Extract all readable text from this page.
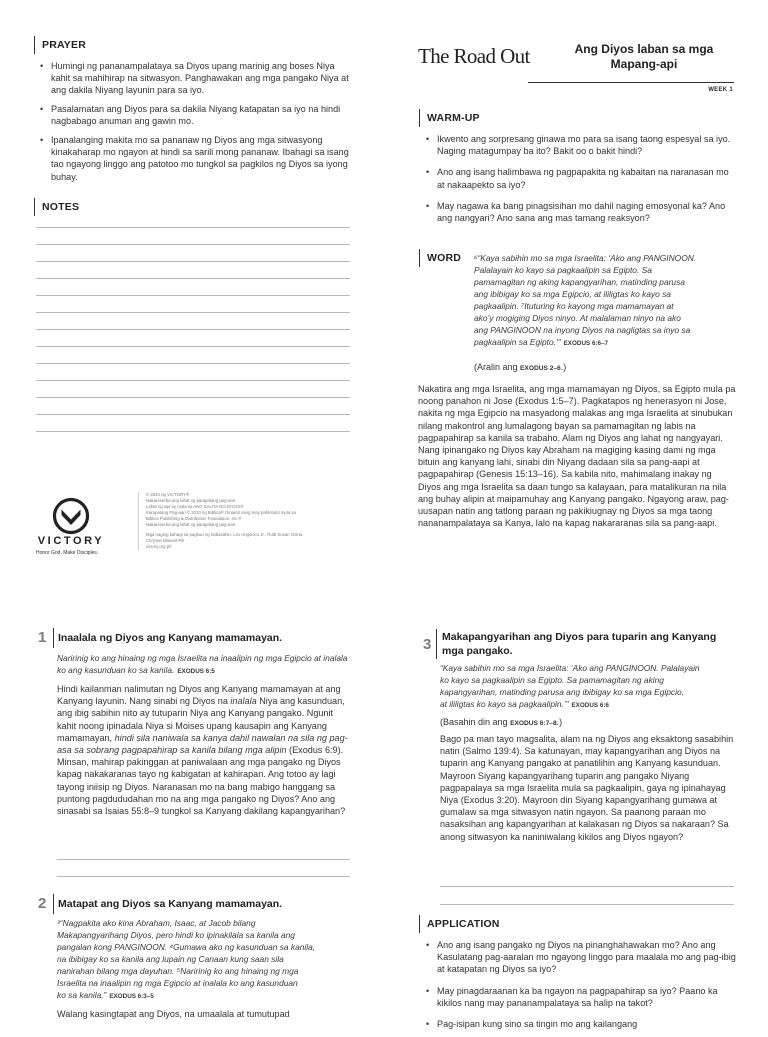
PRAYER
• Humingi ng pananampalataya sa Diyos upang marinig ang boses Niya kahit sa mahihirap na sitwasyon. Panghawakan ang mga pangako Niya at ang dakila Niyang layunin para sa iyo.
• Pasalamatan ang Diyos para sa dakila Niyang katapatan sa iyo na hindi nagbabago anuman ang gawin mo.
• Ipanalanging makita mo sa pananaw ng Diyos ang mga sitwasyong kinakaharap mo ngayon at hindi sa sarili mong pananaw. Ibahagi sa isang tao ngayong linggo ang patotoo mo tungkol sa pagkilos ng Diyos sa iyong buhay.
NOTES
VICTORY
Honor God. Make Disciples.
© 2024 ng VICTORY®
Nakareserba ang lahat ng karapatang pag-aari.
Lahat ng sipi ay mula sa ANG SALITA NG DIYOS®
Karapatang Pag-aari © 2010 ng Biblica® Ginamit nang may pahintulot mula sa
Biblica Publishing & Distribution Foundation, Inc.®
Nakareserba ang lahat ng karapatang pag-aari.
Mga naging bahagi sa pagbuo ng babasahin: Leo Angsioco Jr., Ruth Susan Ocina,
Chrysse Manuel-Pili
victory.org.ph
The Road Out	Ang Diyos laban sa mga Mapang-api
WEEK 1
WARM-UP
• Ikwento ang sorpresang ginawa mo para sa isang taong espesyal sa iyo. Naging matagumpay ba ito? Bakit oo o bakit hindi?
• Ano ang isang halimbawa ng pagpapakita ng kabaitan na naranasan mo at nakaapekto sa iyo?
• May nagawa ka bang pinagsisihan mo dahil naging emosyonal ka? Ano ang nangyari? Ano sana ang mas tamang reaksyon?
WORD ⁶“Kaya sabihin mo sa mga Israelita: ‘Ako ang PANGINOON.
Palalayain ko kayo sa pagkaalipin sa Egipto. Sa
pamamagitan ng aking kapangyarihan, matinding parusa
ang ibibigay ko sa mga Egipcio, at ililigtas ko kayo sa
pagkaalipin. ⁷Ituturing ko kayong mga mamamayan at
ako’y mogiging Diyos ninyo. At malalaman ninyo na ako
ang PANGINOON na inyong Diyos na nagligtas sa inyo sa
pagkaalipin sa Egipto.’” EXODUS 6:6–7
(Aralin ang EXODUS 2–6.)
Nakatira ang mga Israelita, ang mga mamamayan ng Diyos, sa Egipto mula pa noong panahon ni Jose (Exodus 1:5–7). Pagkatapos ng henerasyon ni Jose, nakita ng mga Egipcio na masyadong malakas ang mga Israelita at sinubukan nilang makontrol ang lumalagong bayan sa pamamagitan ng labis na pagpapahirap sa kanila sa trabaho. Alam ng Diyos ang lahat ng nangyayari. Nang ipinangako ng Diyos kay Abraham na magiging kasing dami ng mga bituin ang kanyang lahi, sinabi din Niyang dadaan sila sa pang-aapi at pagpapahirap (Genesis 15:13–16). Sa kabila nito, mahimalang inakay ng Diyos ang mga Israelita sa daan tungo sa kalayaan, para matalikuran na nila ang buhay alipin at maipamuhay ang Kanyang pangako. Ngayong araw, pag-uusapan natin ang tatlong paraan ng pakikiugnay ng Diyos sa mga taong nananampalataya sa Kanya, lalo na kapag nakararanas sila sa pang-aapi.
1 Inaalala ng Diyos ang Kanyang mamamayan.
Naririnig ko ang hinaing ng mga Israelita na inaalipin ng mga Egipcio at inalala ko ang kasunduan ko sa kanila. EXODUS 6:5
Hindi kailanman nalimutan ng Diyos ang Kanyang mamamayan at ang Kanyang layunin. Nang sinabi ng Diyos na inalala Niya ang kasunduan, ang ibig sabihin nito ay tutuparin Niya ang Kanyang pangako. Ngunit kahit noong ipinadala Niya si Moises upang kausapin ang Kanyang mamamayan, hindi sila naniwala sa kanya dahil nawalan na sila ng pag-asa sa sobrang pagpapahirap sa kanila bilang mga alipin (Exodus 6:9). Minsan, mahirap pakinggan at paniwalaan ang mga pangako ng Diyos kapag nakakaranas tayo ng kabigatan at kahirapan. Ang totoo ay lagi tayong iniisip ng Diyos. Naranasan mo na bang mabigo hanggang sa puntong pagdududahan mo na ang mga pangako ng Diyos? Ano ang sinasabi sa Isaias 55:8–9 tungkol sa Kanyang dakilang kapangyarihan?
2 Matapat ang Diyos sa Kanyang mamamayan.
³“Nagpakita ako kina Abraham, Isaac, at Jacob bilang
Makapangyarihang Diyos, pero hindi ko ipinakilala sa kanila ang
pangalan kong PANGINOON. ⁴Gumawa ako ng kasunduan sa kanila,
na ibibigay ko sa kanila ang lupain ng Canaan kung saan sila
nanirahan bilang mga dayuhan. ⁵Naririnig ko ang hinaing ng mga
Israelita na inaalipin ng mga Egipcio at inalala ko ang kasunduan
ko sa kanila.” EXODUS 6:3–5
Walang kasingtapat ang Diyos, na umaalala at tumutupad
3 Makapangyarihan ang Diyos para tuparin ang Kanyang mga pangako.
“Kaya sabihin mo sa mga Israelita: ‘Ako ang PANGINOON. Palalayain
ko kayo sa pagkaalipin sa Egipto. Sa pamamagitan ng aking
kapangyarihan, matinding parusa ang ibibigay ko sa mga Egipcio,
at ililigtas ko kayo sa pagkaalipin.’” EXODUS 6:6
(Basahin din ang EXODUS 6:7–8.)
Bago pa man tayo magsalita, alam na ng Diyos ang eksaktong sasabihin natin (Salmo 139:4). Sa katunayan, may kapangyarihan ang Diyos na tuparin ang Kanyang pangako at panatilihin ang Kanyang kasunduan. Mayroon Siyang kapangyarihang tuparin ang pangako Niyang pagpapalaya sa mga Israelita mula sa pagkaalipin, gaya ng ipinahayag Niya (Exodus 3:20). Mayroon din Siyang kapangyarihang gumawa at gumalaw sa mga sitwasyon natin ngayon. Sa paanong paraan mo nasaksihan ang kapangyarihan at kalakasan ng Diyos sa nakaraan? Sa anong sitwasyon ka naniniwalang kikilos ang Diyos ngayon?
APPLICATION
• Ano ang isang pangako ng Diyos na pinanghahawakan mo? Ano ang Kasulatang pag-aaralan mo ngayong linggo para maalala mo ang pag-ibig at katapatan ng Diyos sa iyo?
• May pinagdaraanan ka ba ngayon na pagpapahirap sa iyo? Paano ka kikilos nang may pananampalataya sa halip na takot?
• Pag-isipan kung sino sa tingin mo ang kailangang
